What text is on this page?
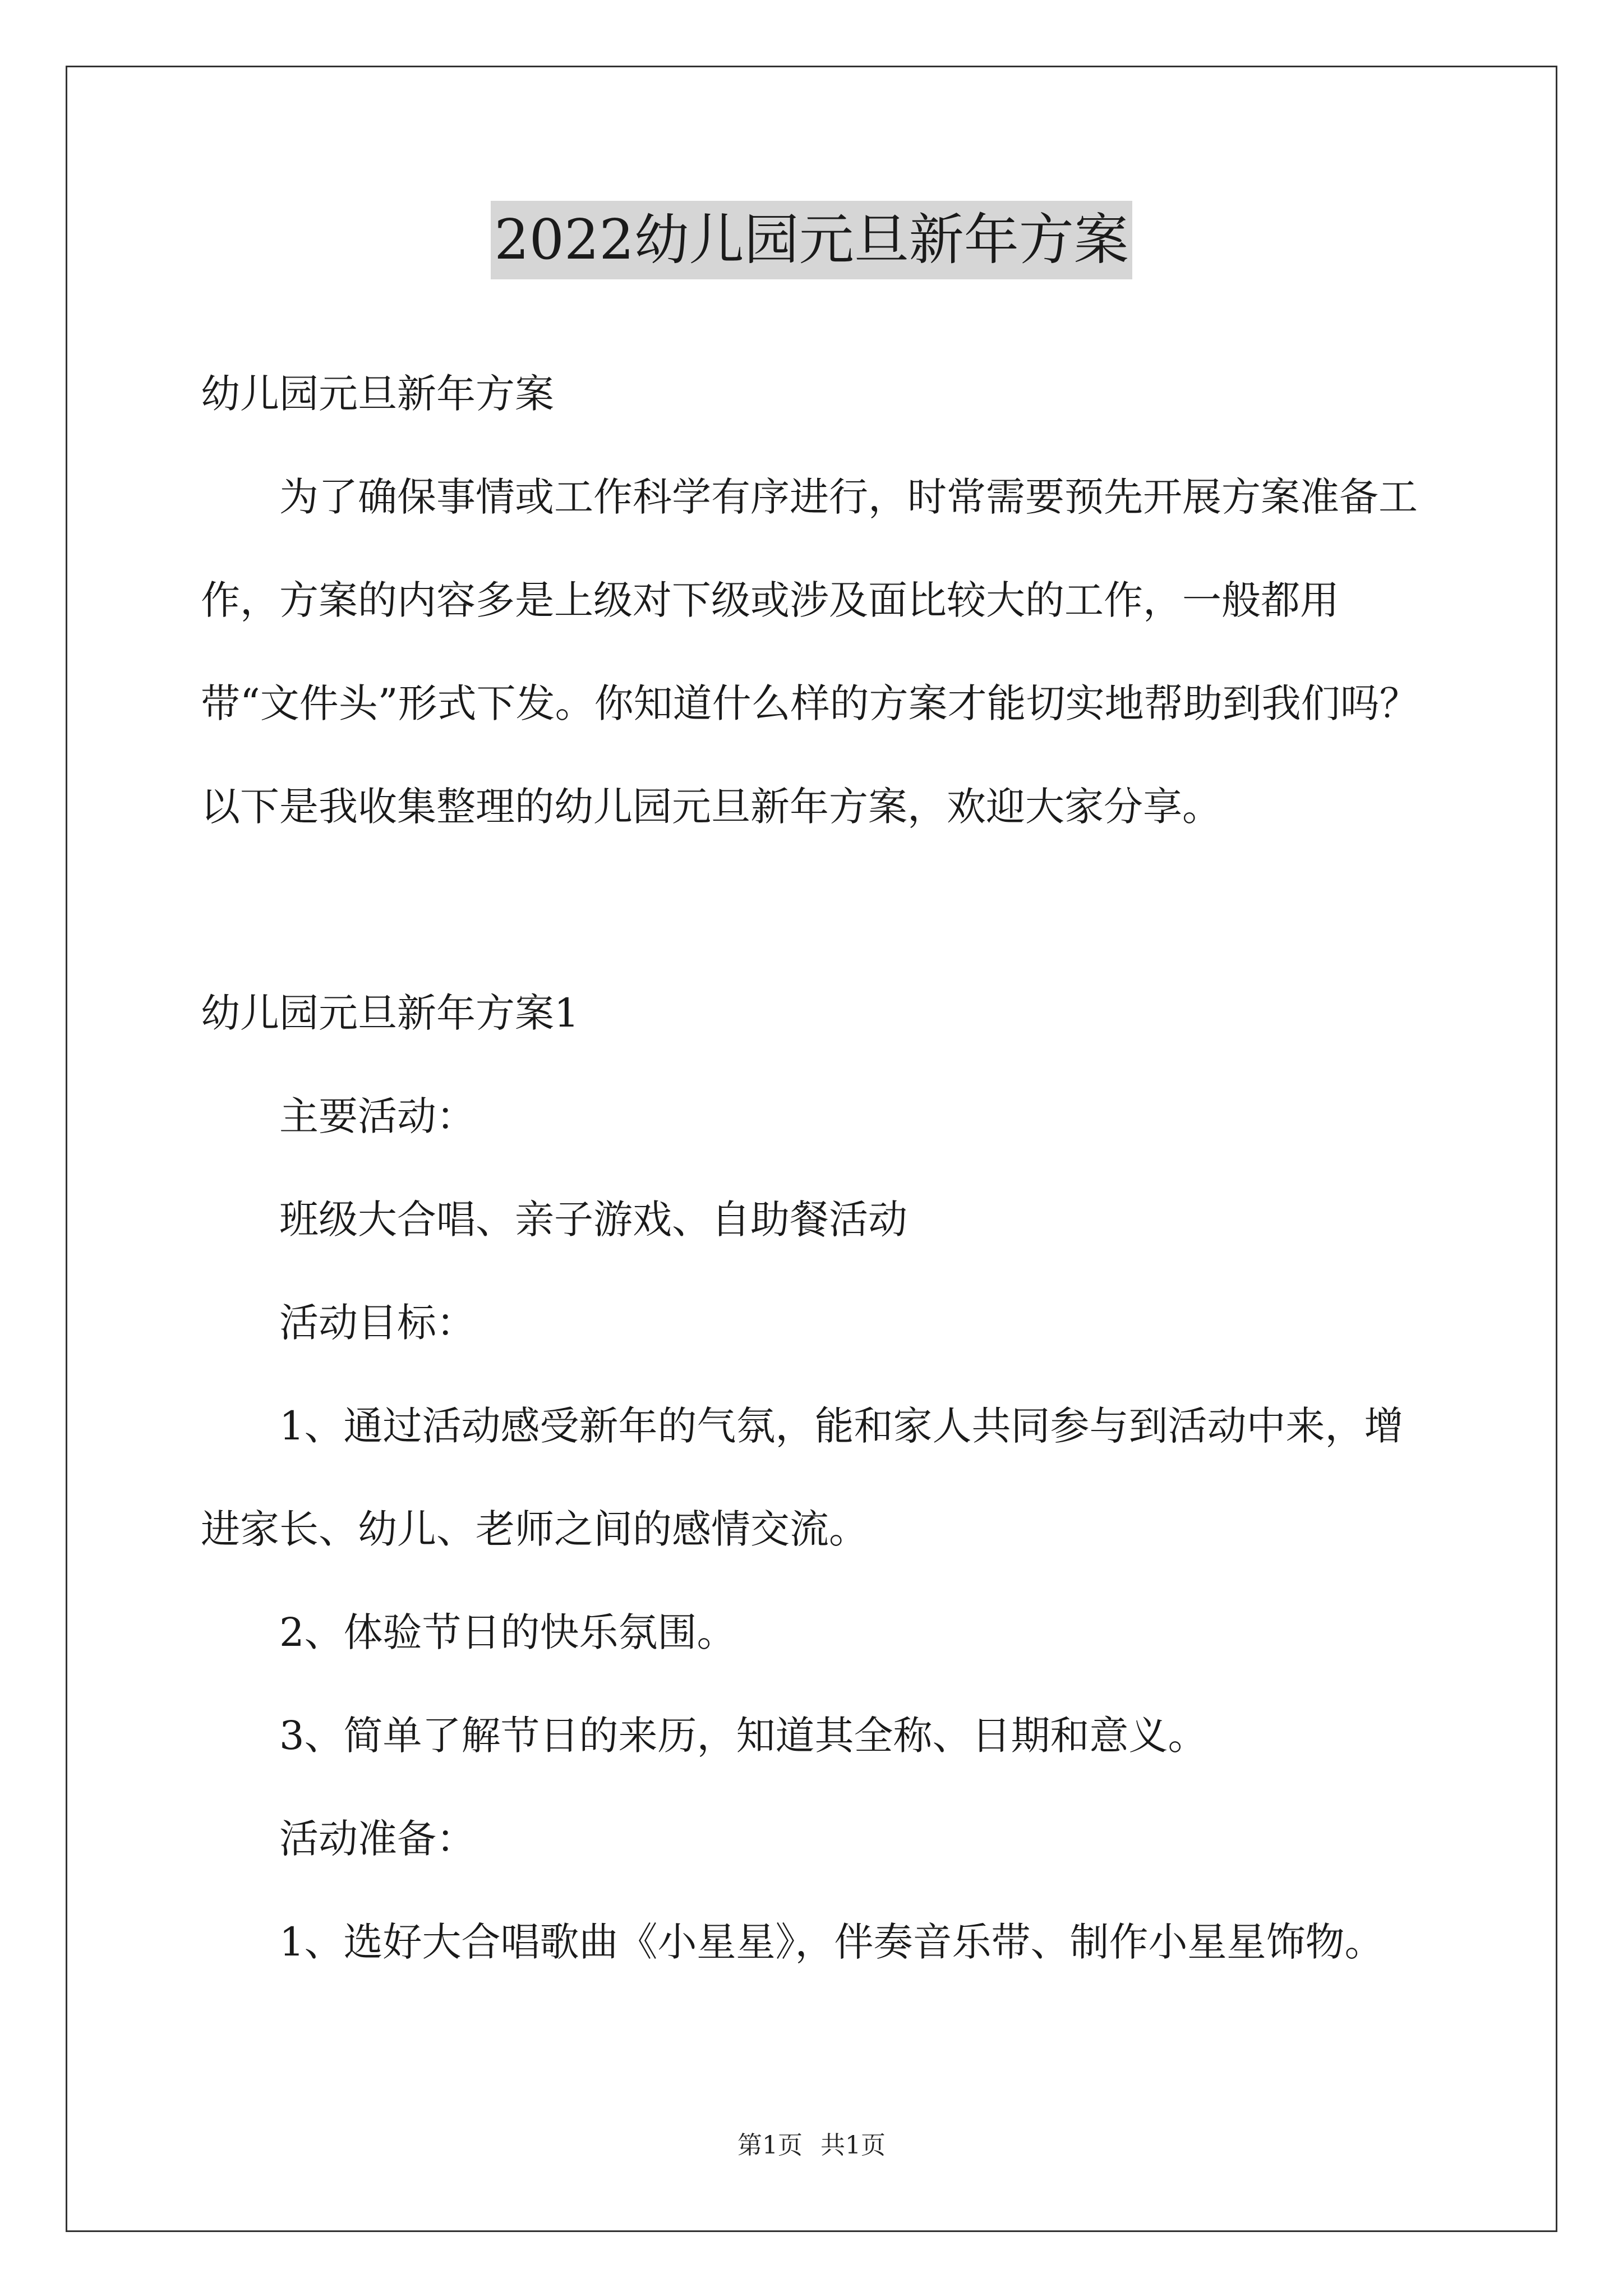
2022幼儿园元旦新年方案

幼儿园元旦新年方案

为了确保事情或工作科学有序进行，时常需要预先开展方案准备工作，方案的内容多是上级对下级或涉及面比较大的工作，一般都用带“文件头”形式下发。你知道什么样的方案才能切实地帮助到我们吗？以下是我收集整理的幼儿园元旦新年方案，欢迎大家分享。

幼儿园元旦新年方案1

主要活动：

班级大合唱、亲子游戏、自助餐活动

活动目标：

1、通过活动感受新年的气氛，能和家人共同参与到活动中来，增进家长、幼儿、老师之间的感情交流。

2、体验节日的快乐氛围。

3、简单了解节日的来历，知道其全称、日期和意义。

活动准备：

1、选好大合唱歌曲《小星星》，伴奏音乐带、制作小星星饰物。

第1页 共1页
